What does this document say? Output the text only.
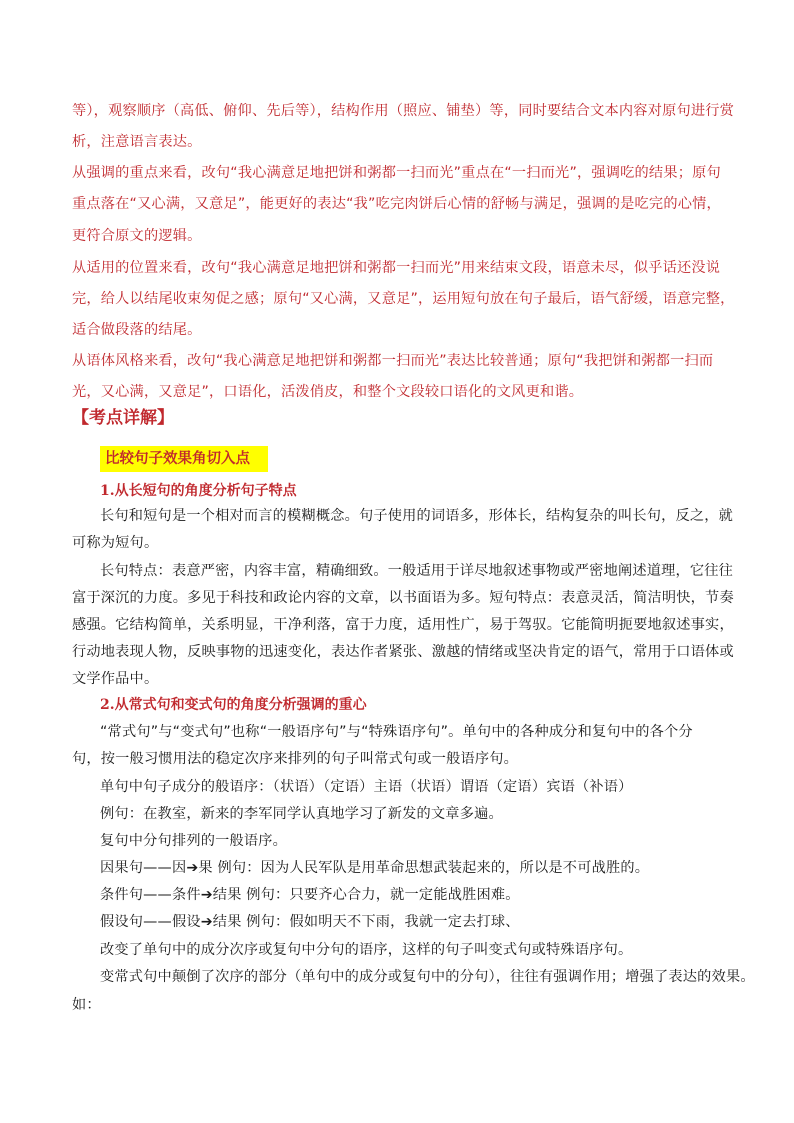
等），观察顺序（高低、俯仰、先后等），结构作用（照应、铺垫）等，同时要结合文本内容对原句进行赏
析，注意语言表达。
从强调的重点来看，改句“我心满意足地把饼和粥都一扫而光”重点在“一扫而光”，强调吃的结果；原句
重点落在“又心满，又意足”，能更好的表达“我”吃完肉饼后心情的舒畅与满足，强调的是吃完的心情，
更符合原文的逻辑。
从适用的位置来看，改句“我心满意足地把饼和粥都一扫而光”用来结束文段，语意未尽，似乎话还没说
完，给人以结尾收束匆促之感；原句“又心满，又意足”，运用短句放在句子最后，语气舒缓，语意完整，
适合做段落的结尾。
从语体风格来看，改句“我心满意足地把饼和粥都一扫而光”表达比较普通；原句“我把饼和粥都一扫而
光，又心满，又意足”，口语化，活泼俏皮，和整个文段较口语化的文风更和谐。
【考点详解】
比较句子效果角切入点
1.从长短句的角度分析句子特点
长句和短句是一个相对而言的模糊概念。句子使用的词语多，形体长，结构复杂的叫长句，反之，就
可称为短句。
长句特点：表意严密，内容丰富，精确细致。一般适用于详尽地叙述事物或严密地阐述道理，它往往
富于深沉的力度。多见于科技和政论内容的文章，以书面语为多。短句特点：表意灵活，简洁明快，节奏
感强。它结构简单，关系明显，干净利落，富于力度，适用性广，易于驾驭。它能简明扼要地叙述事实，
行动地表现人物，反映事物的迅速变化，表达作者紧张、激越的情绪或坚决肯定的语气，常用于口语体或
文学作品中。
2.从常式句和变式句的角度分析强调的重心
“常式句”与“变式句”也称“一般语序句”与“特殊语序句”。单句中的各种成分和复句中的各个分
句，按一般习惯用法的稳定次序来排列的句子叫常式句或一般语序句。
单句中句子成分的般语序：（状语）（定语）主语（状语）谓语（定语）宾语（补语）
例句：在教室，新来的李军同学认真地学习了新发的文章多遍。
复句中分句排列的一般语序。
因果句——因➔果 例句：因为人民军队是用革命思想武装起来的，所以是不可战胜的。
条件句——条件➔结果 例句：只要齐心合力，就一定能战胜困难。
假设句——假设➔结果 例句：假如明天不下雨，我就一定去打球、
改变了单句中的成分次序或复句中分句的语序，这样的句子叫变式句或特殊语序句。
变常式句中颠倒了次序的部分（单句中的成分或复句中的分句），往往有强调作用；增强了表达的效果。
如：
